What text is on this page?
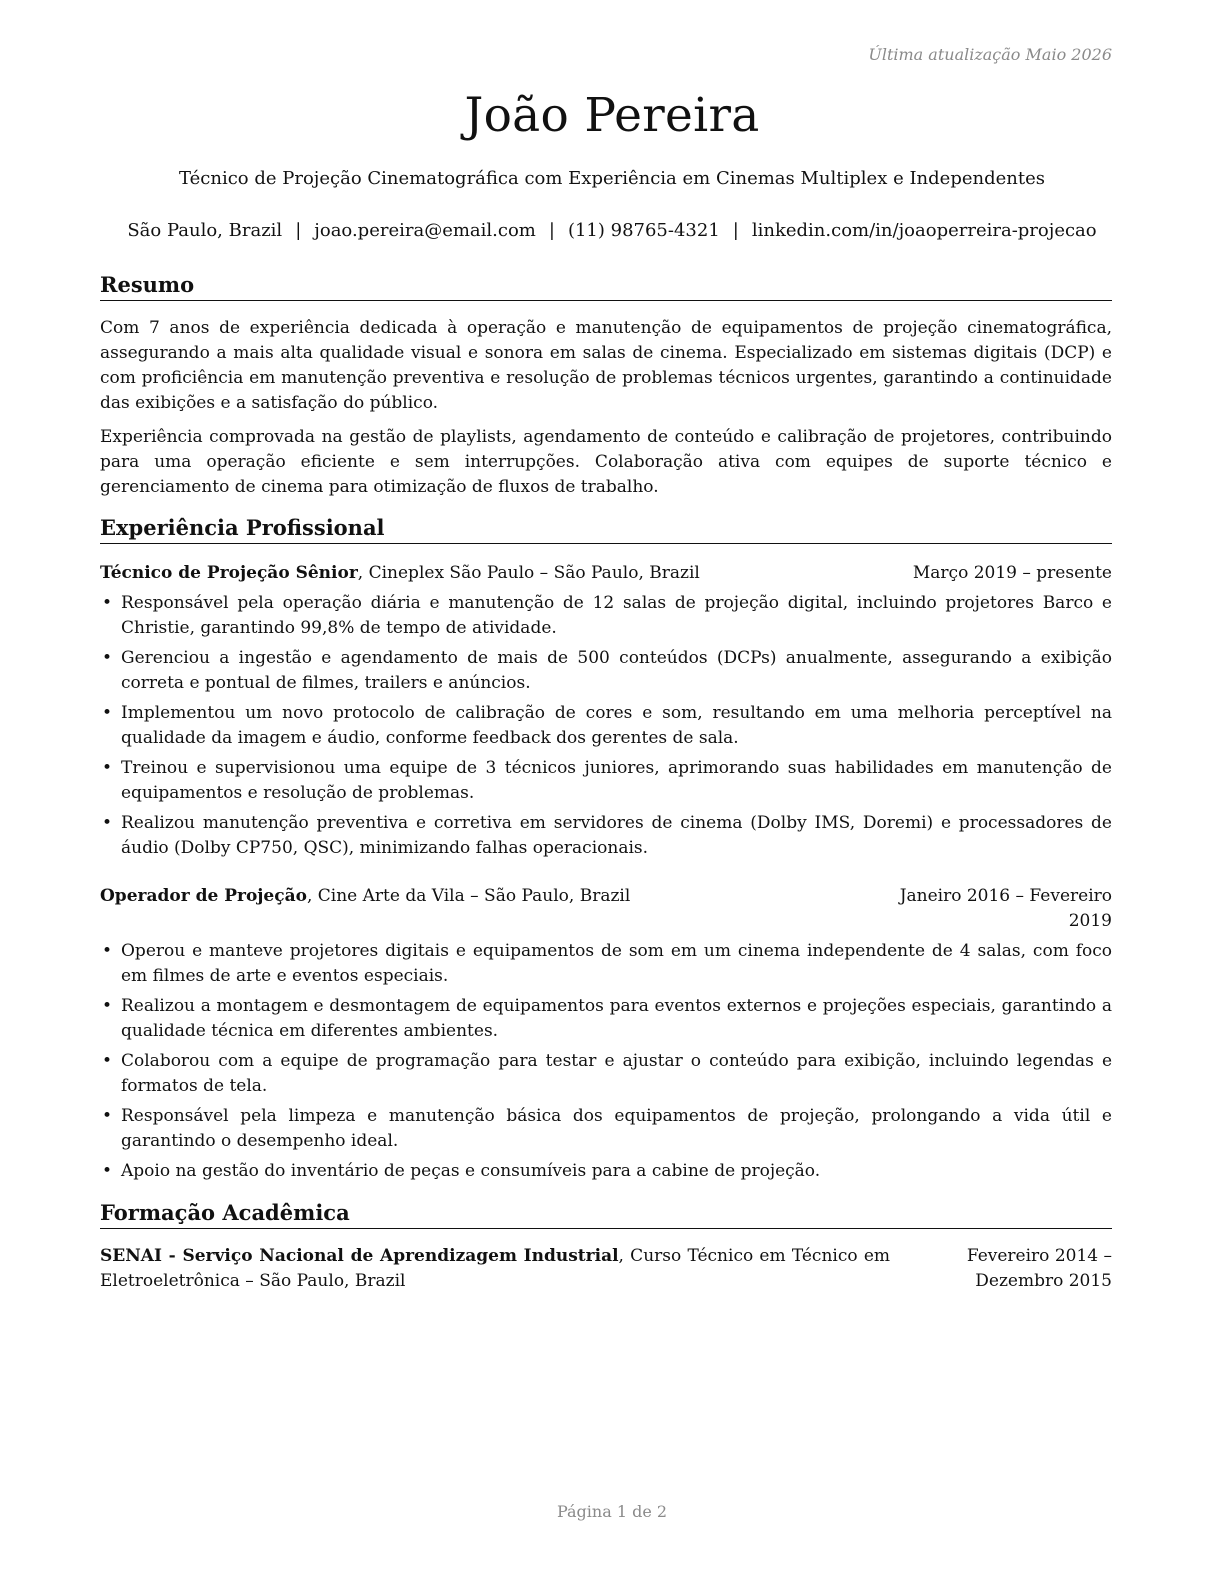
Última atualização Maio 2026
João Pereira
Técnico de Projeção Cinematográfica com Experiência em Cinemas Multiplex e Independentes
São Paulo, Brazil | joao.pereira@email.com | (11) 98765-4321 | linkedin.com/in/joaoperreira-projecao
Resumo

Com 7 anos de experiência dedicada à operação e manutenção de equipamentos de projeção cinematográfica, assegurando a mais alta qualidade visual e sonora em salas de cinema. Especializado em sistemas digitais (DCP) e com proficiência em manutenção preventiva e resolução de problemas técnicos urgentes, garantindo a continuidade das exibições e a satisfação do público.

Experiência comprovada na gestão de playlists, agendamento de conteúdo e calibração de projetores, contribuindo para uma operação eficiente e sem interrupções. Colaboração ativa com equipes de suporte técnico e gerenciamento de cinema para otimização de fluxos de trabalho.

Experiência Profissional
Técnico de Projeção Sênior, Cineplex São Paulo – São Paulo, Brazil	Março 2019 – presente
• Responsável pela operação diária e manutenção de 12 salas de projeção digital, incluindo projetores Barco e Christie, garantindo 99,8% de tempo de atividade.
• Gerenciou a ingestão e agendamento de mais de 500 conteúdos (DCPs) anualmente, assegurando a exibição correta e pontual de filmes, trailers e anúncios.
• Implementou um novo protocolo de calibração de cores e som, resultando em uma melhoria perceptível na qualidade da imagem e áudio, conforme feedback dos gerentes de sala.
• Treinou e supervisionou uma equipe de 3 técnicos juniores, aprimorando suas habilidades em manutenção de equipamentos e resolução de problemas.
• Realizou manutenção preventiva e corretiva em servidores de cinema (Dolby IMS, Doremi) e processadores de áudio (Dolby CP750, QSC), minimizando falhas operacionais.
Operador de Projeção, Cine Arte da Vila – São Paulo, Brazil	Janeiro 2016 – Fevereiro 2019
• Operou e manteve projetores digitais e equipamentos de som em um cinema independente de 4 salas, com foco em filmes de arte e eventos especiais.
• Realizou a montagem e desmontagem de equipamentos para eventos externos e projeções especiais, garantindo a qualidade técnica em diferentes ambientes.
• Colaborou com a equipe de programação para testar e ajustar o conteúdo para exibição, incluindo legendas e formatos de tela.
• Responsável pela limpeza e manutenção básica dos equipamentos de projeção, prolongando a vida útil e garantindo o desempenho ideal.
• Apoio na gestão do inventário de peças e consumíveis para a cabine de projeção.
Formação Acadêmica
SENAI - Serviço Nacional de Aprendizagem Industrial, Curso Técnico em Técnico em Eletroeletrônica – São Paulo, Brazil
Fevereiro 2014 – Dezembro 2015
Página 1 de 2
